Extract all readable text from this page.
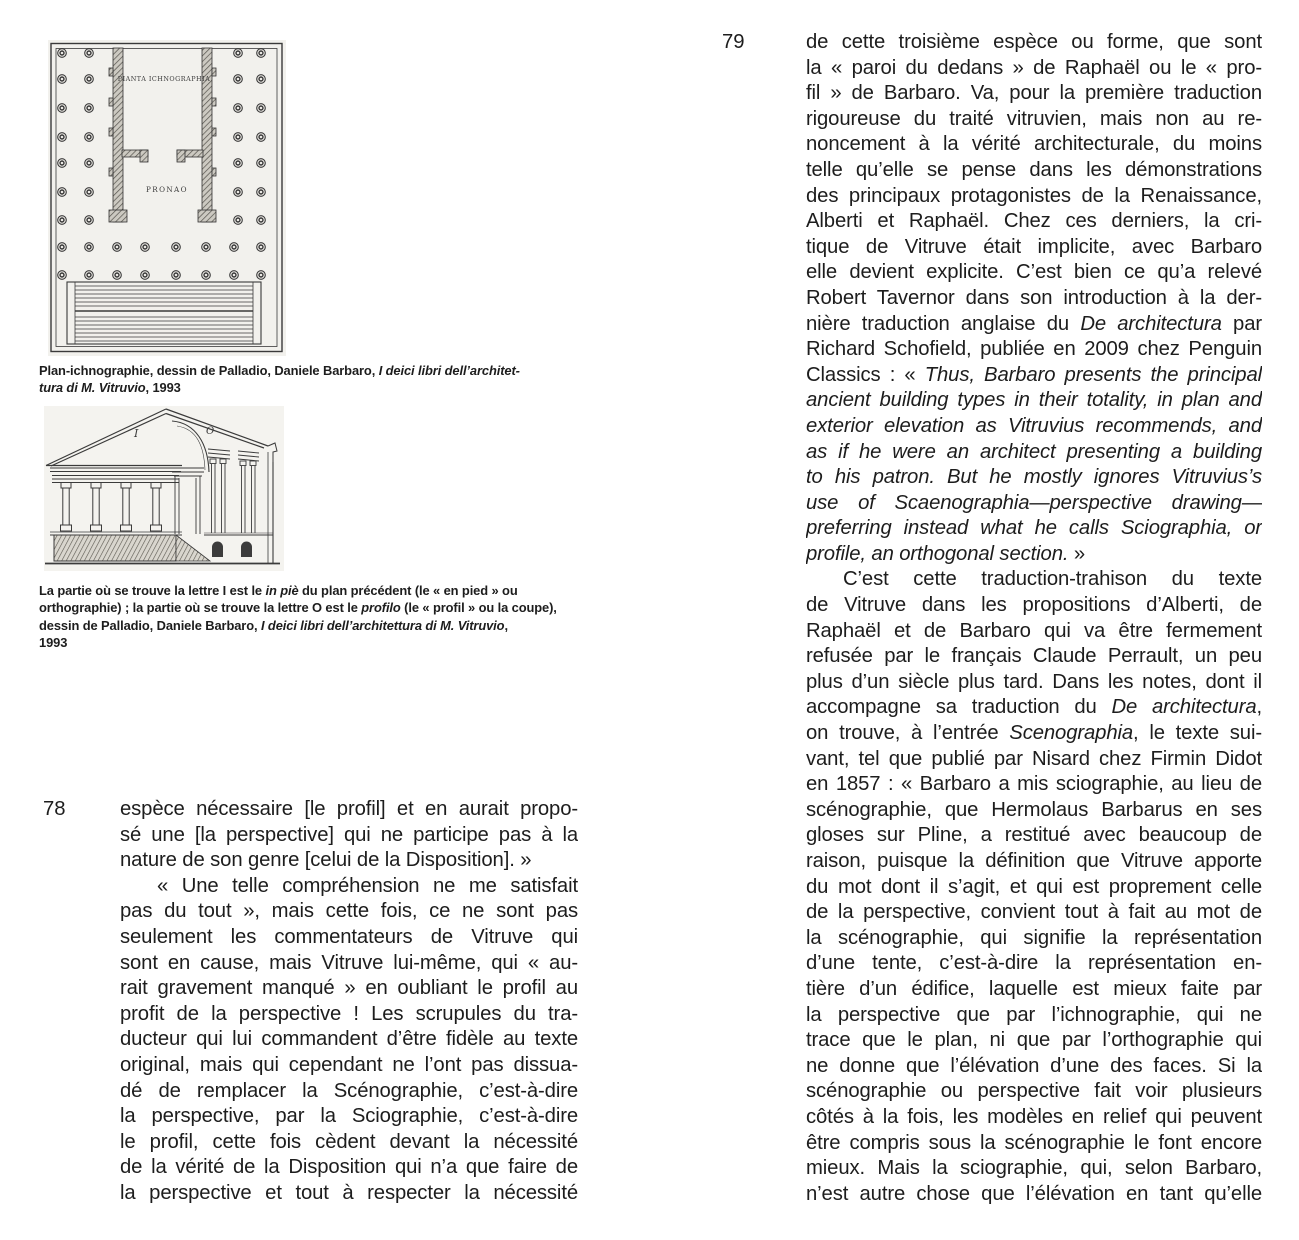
PIANTA ICHNOGRAPHIA
PRONAO
Plan-ichnographie, dessin de Palladio, Daniele Barbaro, I deici libri dell’architet-
tura di M. Vitruvio, 1993
I	O
La partie où se trouve la lettre I est le in piè du plan précédent (le « en pied » ou
orthographie) ; la partie où se trouve la lettre O est le profilo (le « profil » ou la coupe),
dessin de Palladio, Daniele Barbaro, I deici libri dell’architettura di M. Vitruvio,
1993
78	espèce nécessaire [le profil] et en aurait propo-
sé une [la perspective] qui ne participe pas à la
nature de son genre [celui de la Disposition]. »
« Une telle compréhension ne me satisfait
pas du tout », mais cette fois, ce ne sont pas
seulement les commentateurs de Vitruve qui
sont en cause, mais Vitruve lui-même, qui « au-
rait gravement manqué » en oubliant le profil au
profit de la perspective ! Les scrupules du tra-
ducteur qui lui commandent d’être fidèle au texte
original, mais qui cependant ne l’ont pas dissua-
dé de remplacer la Scénographie, c’est-à-dire
la perspective, par la Sciographie, c’est-à-dire
le profil, cette fois cèdent devant la nécessité
de la vérité de la Disposition qui n’a que faire de
la perspective et tout à respecter la nécessité
79	de cette troisième espèce ou forme, que sont
la « paroi du dedans » de Raphaël ou le « pro-
fil » de Barbaro. Va, pour la première traduction
rigoureuse du traité vitruvien, mais non au re-
noncement à la vérité architecturale, du moins
telle qu’elle se pense dans les démonstrations
des principaux protagonistes de la Renaissance,
Alberti et Raphaël. Chez ces derniers, la cri-
tique de Vitruve était implicite, avec Barbaro
elle devient explicite. C’est bien ce qu’a relevé
Robert Tavernor dans son introduction à la der-
nière traduction anglaise du De architectura par
Richard Schofield, publiée en 2009 chez Penguin
Classics : « Thus, Barbaro presents the principal
ancient building types in their totality, in plan and
exterior elevation as Vitruvius recommends, and
as if he were an architect presenting a building
to his patron. But he mostly ignores Vitruvius’s
use of Scaenographia—perspective drawing—
preferring instead what he calls Sciographia, or
profile, an orthogonal section. »
C’est cette traduction-trahison du texte
de Vitruve dans les propositions d’Alberti, de
Raphaël et de Barbaro qui va être fermement
refusée par le français Claude Perrault, un peu
plus d’un siècle plus tard. Dans les notes, dont il
accompagne sa traduction du De architectura,
on trouve, à l’entrée Scenographia, le texte sui-
vant, tel que publié par Nisard chez Firmin Didot
en 1857 : « Barbaro a mis sciographie, au lieu de
scénographie, que Hermolaus Barbarus en ses
gloses sur Pline, a restitué avec beaucoup de
raison, puisque la définition que Vitruve apporte
du mot dont il s’agit, et qui est proprement celle
de la perspective, convient tout à fait au mot de
la scénographie, qui signifie la représentation
d’une tente, c’est-à-dire la représentation en-
tière d’un édifice, laquelle est mieux faite par
la perspective que par l’ichnographie, qui ne
trace que le plan, ni que par l’orthographie qui
ne donne que l’élévation d’une des faces. Si la
scénographie ou perspective fait voir plusieurs
côtés à la fois, les modèles en relief qui peuvent
être compris sous la scénographie le font encore
mieux. Mais la sciographie, qui, selon Barbaro,
n’est autre chose que l’élévation en tant qu’elle
